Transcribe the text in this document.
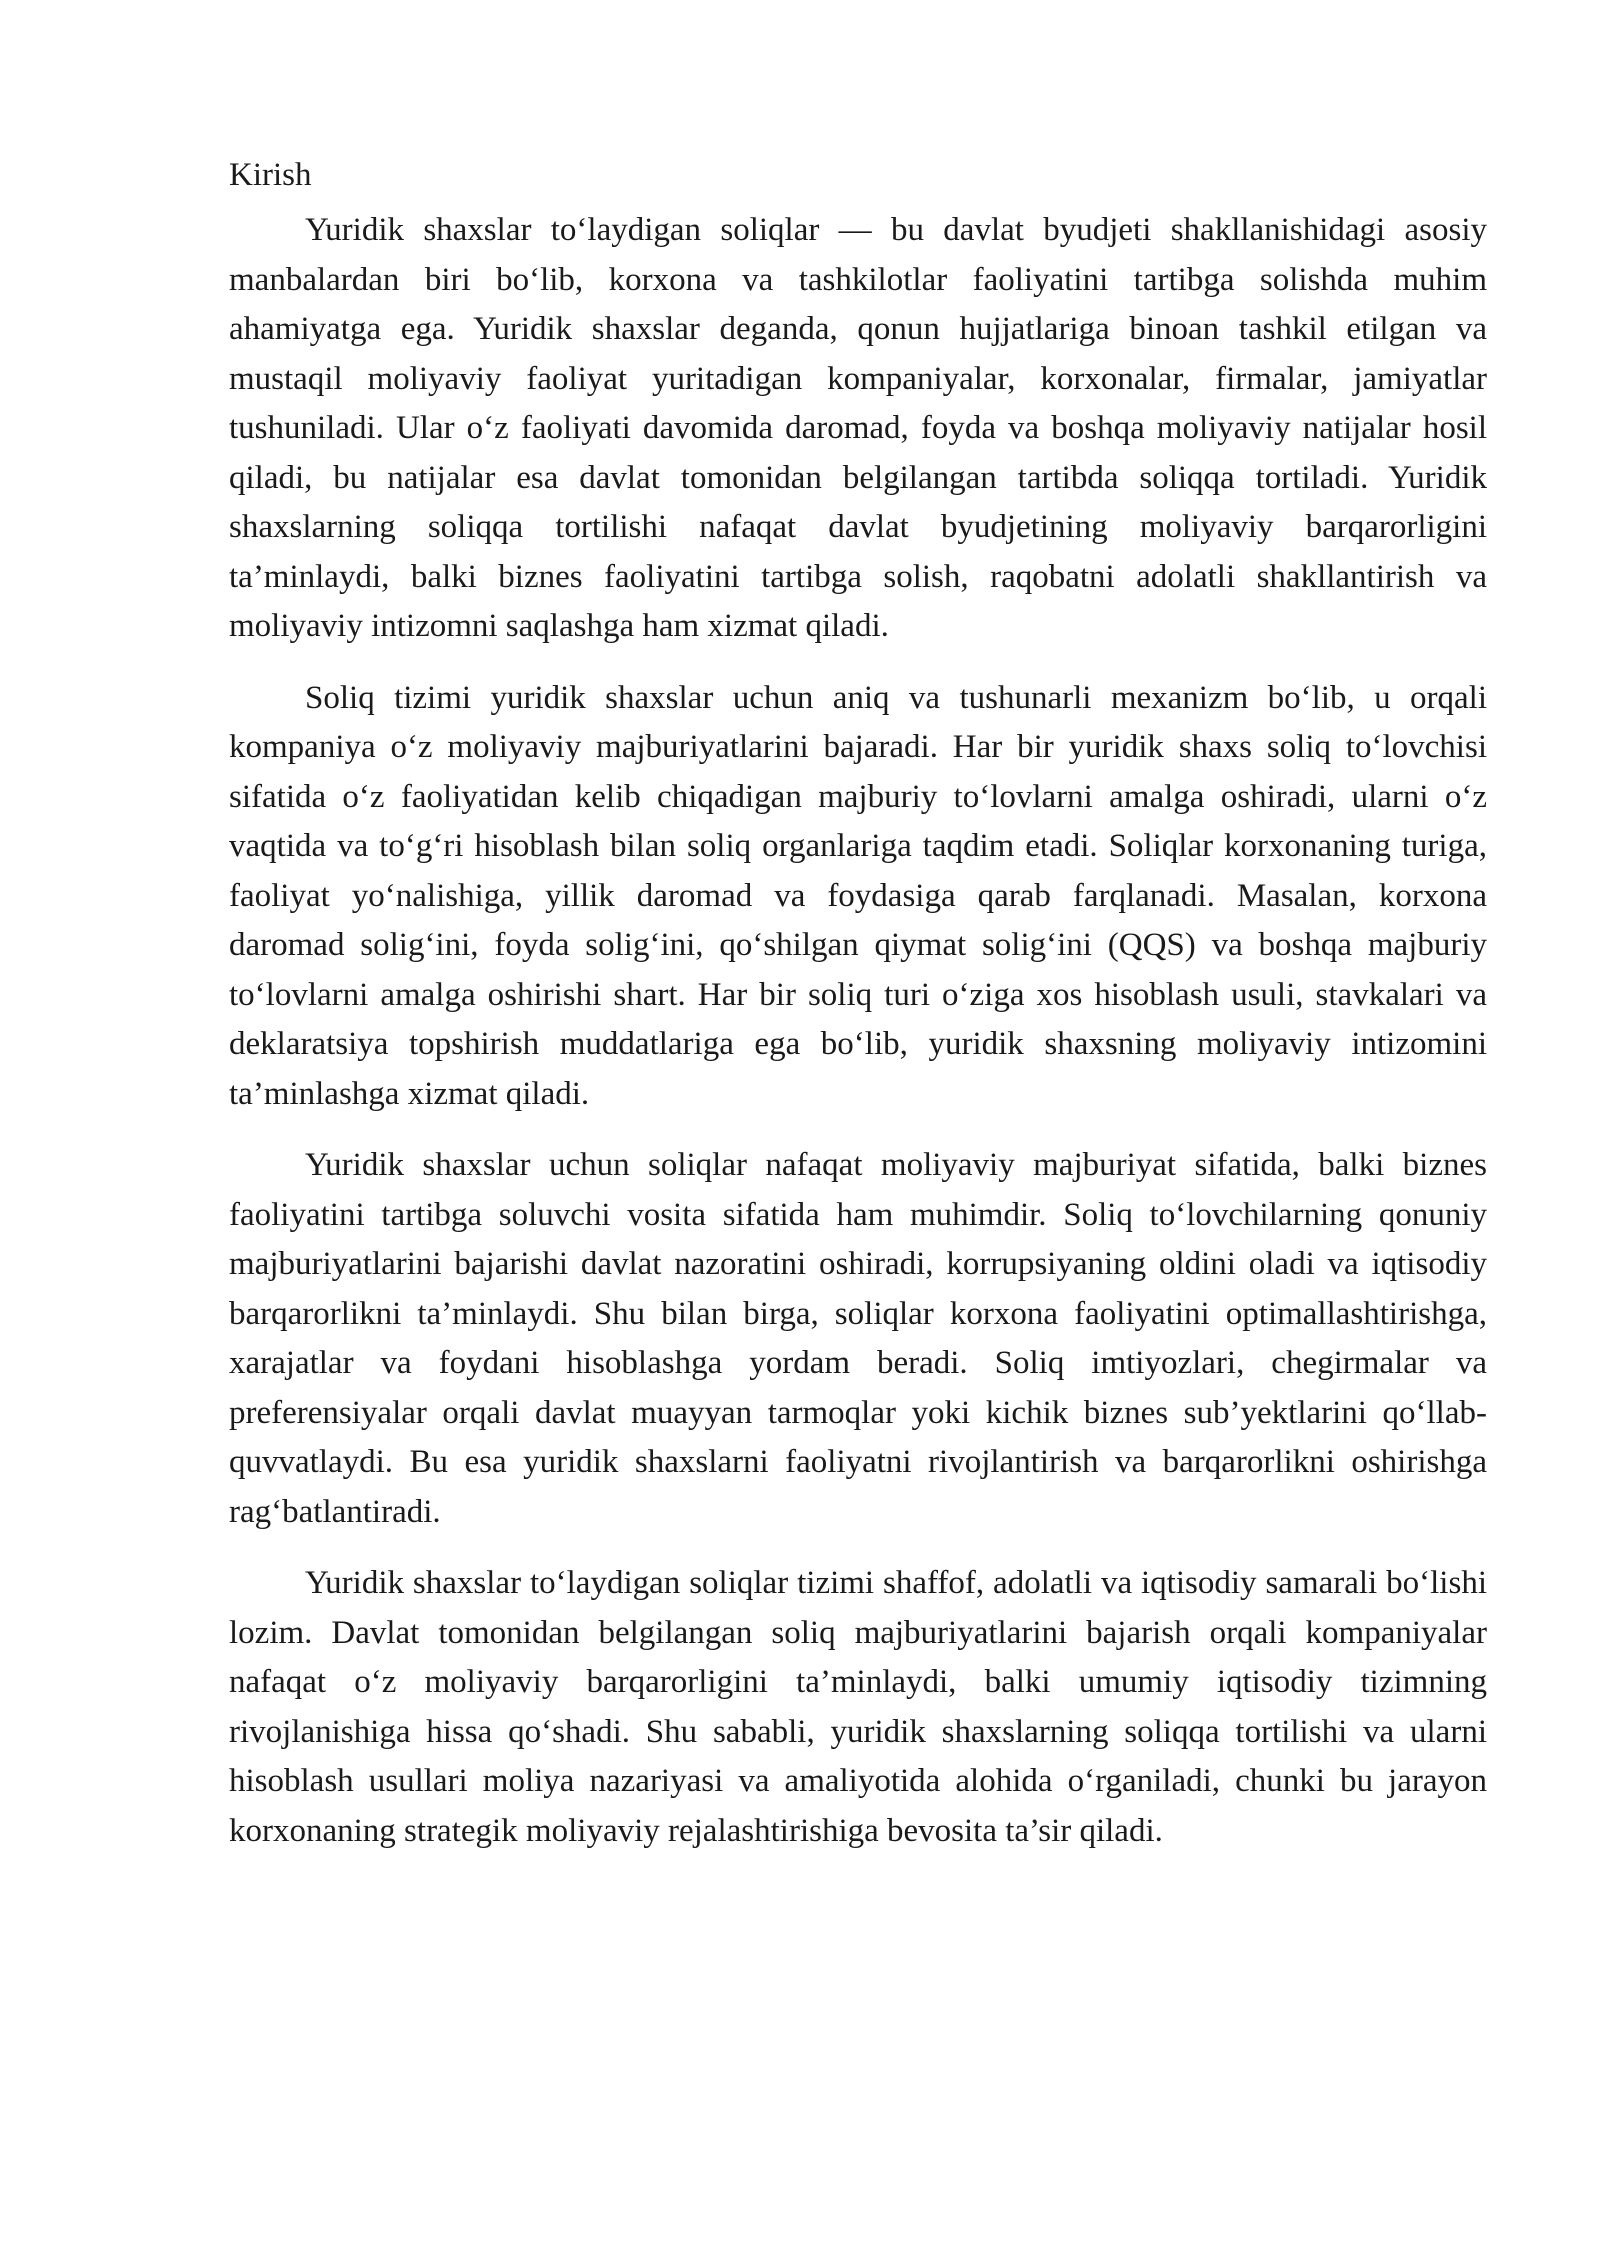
Kirish

Yuridik shaxslar to‘laydigan soliqlar — bu davlat byudjeti shakllanishidagi asosiy manbalardan biri bo‘lib, korxona va tashkilotlar faoliyatini tartibga solishda muhim ahamiyatga ega. Yuridik shaxslar deganda, qonun hujjatlariga binoan tashkil etilgan va mustaqil moliyaviy faoliyat yuritadigan kompaniyalar, korxonalar, firmalar, jamiyatlar tushuniladi. Ular o‘z faoliyati davomida daromad, foyda va boshqa moliyaviy natijalar hosil qiladi, bu natijalar esa davlat tomonidan belgilangan tartibda soliqqa tortiladi. Yuridik shaxslarning soliqqa tortilishi nafaqat davlat byudjetining moliyaviy barqarorligini ta’minlaydi, balki biznes faoliyatini tartibga solish, raqobatni adolatli shakllantirish va moliyaviy intizomni saqlashga ham xizmat qiladi.

Soliq tizimi yuridik shaxslar uchun aniq va tushunarli mexanizm bo‘lib, u orqali kompaniya o‘z moliyaviy majburiyatlarini bajaradi. Har bir yuridik shaxs soliq to‘lovchisi sifatida o‘z faoliyatidan kelib chiqadigan majburiy to‘lovlarni amalga oshiradi, ularni o‘z vaqtida va to‘g‘ri hisoblash bilan soliq organlariga taqdim etadi. Soliqlar korxonaning turiga, faoliyat yo‘nalishiga, yillik daromad va foydasiga qarab farqlanadi. Masalan, korxona daromad solig‘ini, foyda solig‘ini, qo‘shilgan qiymat solig‘ini (QQS) va boshqa majburiy to‘lovlarni amalga oshirishi shart. Har bir soliq turi o‘ziga xos hisoblash usuli, stavkalari va deklaratsiya topshirish muddatlariga ega bo‘lib, yuridik shaxsning moliyaviy intizomini ta’minlashga xizmat qiladi.

Yuridik shaxslar uchun soliqlar nafaqat moliyaviy majburiyat sifatida, balki biznes faoliyatini tartibga soluvchi vosita sifatida ham muhimdir. Soliq to‘lovchilarning qonuniy majburiyatlarini bajarishi davlat nazoratini oshiradi, korrupsiyaning oldini oladi va iqtisodiy barqarorlikni ta’minlaydi. Shu bilan birga, soliqlar korxona faoliyatini optimallashtirishga, xarajatlar va foydani hisoblashga yordam beradi. Soliq imtiyozlari, chegirmalar va preferensiyalar orqali davlat muayyan tarmoqlar yoki kichik biznes sub’yektlarini qo‘llab-quvvatlaydi. Bu esa yuridik shaxslarni faoliyatni rivojlantirish va barqarorlikni oshirishga rag‘batlantiradi.

Yuridik shaxslar to‘laydigan soliqlar tizimi shaffof, adolatli va iqtisodiy samarali bo‘lishi lozim. Davlat tomonidan belgilangan soliq majburiyatlarini bajarish orqali kompaniyalar nafaqat o‘z moliyaviy barqarorligini ta’minlaydi, balki umumiy iqtisodiy tizimning rivojlanishiga hissa qo‘shadi. Shu sababli, yuridik shaxslarning soliqqa tortilishi va ularni hisoblash usullari moliya nazariyasi va amaliyotida alohida o‘rganiladi, chunki bu jarayon korxonaning strategik moliyaviy rejalashtirishiga bevosita ta’sir qiladi.
